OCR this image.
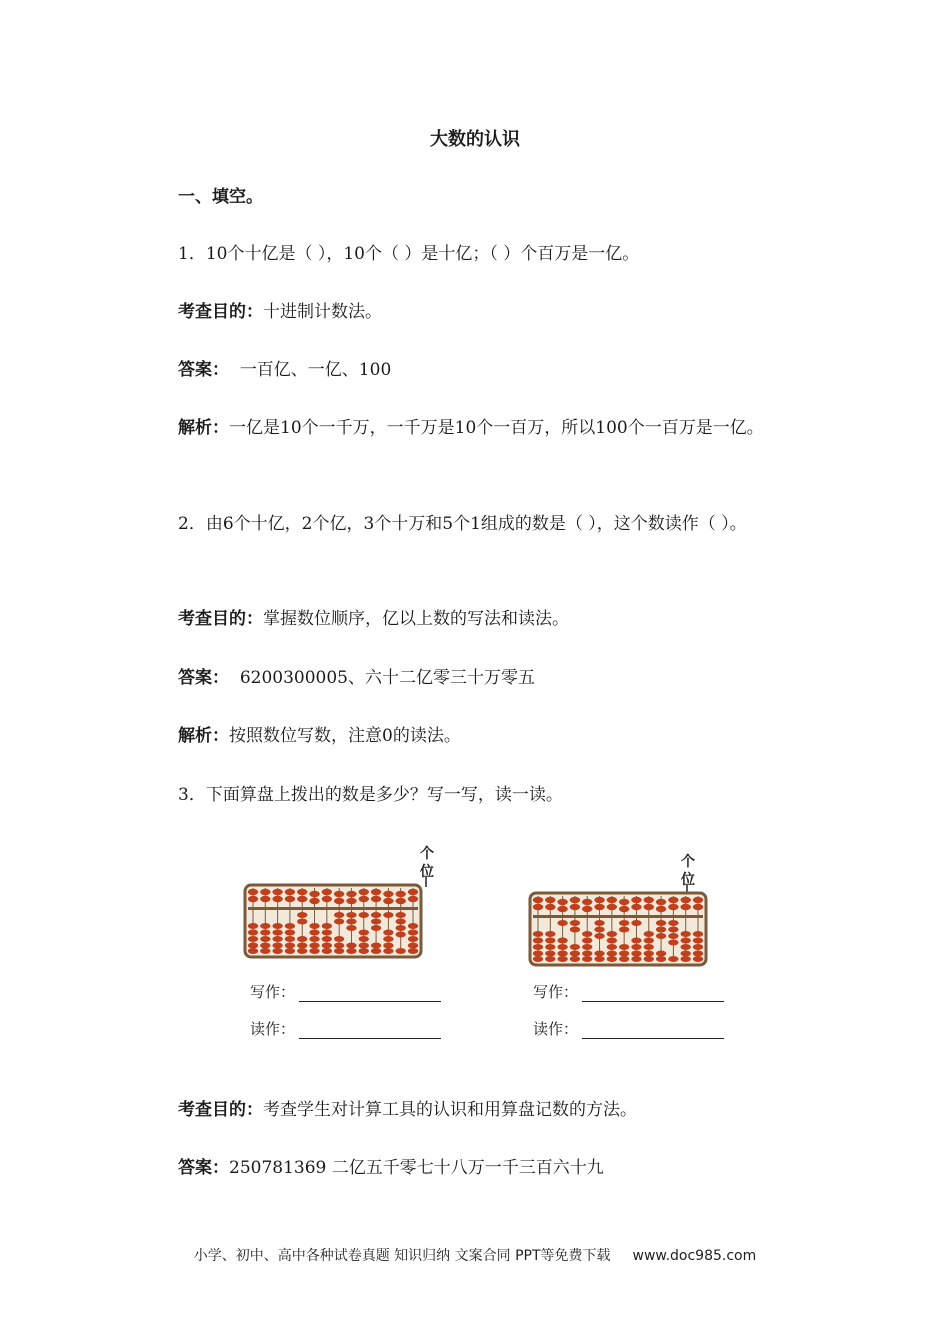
大数的认识
一、填空。
1．10个十亿是（ ），10个（ ）是十亿；（ ）个百万是一亿。
考查目的：十进制计数法。
答案： 一百亿、一亿、100
解析：一亿是10个一千万，一千万是10个一百万，所以100个一百万是一亿。
2．由6个十亿，2个亿，3个十万和5个1组成的数是（ ），这个数读作（ ）。
考查目的：掌握数位顺序，亿以上数的写法和读法。
答案： 6200300005、六十二亿零三十万零五
解析：按照数位写数，注意0的读法。
3．下面算盘上拨出的数是多少？写一写，读一读。
个
位
个
位
写作：
读作：
写作：
读作：
考查目的：考查学生对计算工具的认识和用算盘记数的方法。
答案：250781369 二亿五千零七十八万一千三百六十九
小学、初中、高中各种试卷真题 知识归纳 文案合同 PPT等免费下载 www.doc985.com
